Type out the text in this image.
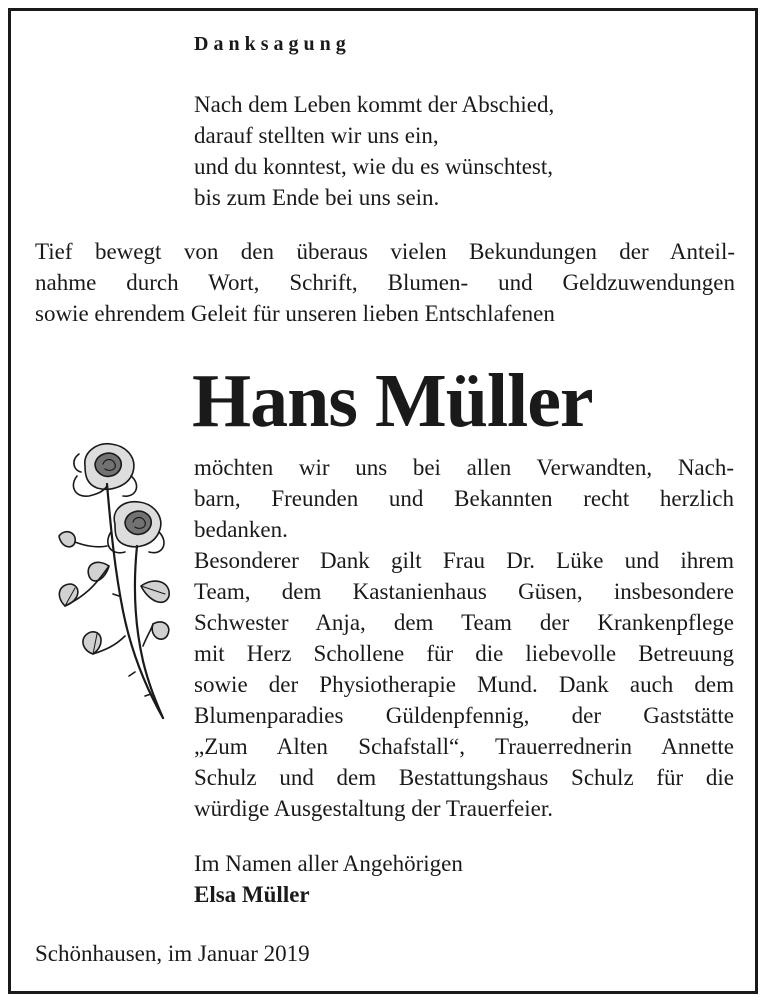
Danksagung
Nach dem Leben kommt der Abschied,
darauf stellten wir uns ein,
und du konntest, wie du es wünschtest,
bis zum Ende bei uns sein.
Tief bewegt von den überaus vielen Bekundungen der Anteil-
nahme durch Wort, Schrift, Blumen- und Geldzuwendungen
sowie ehrendem Geleit für unseren lieben Entschlafenen
Hans Müller
möchten wir uns bei allen Verwandten, Nach-
barn, Freunden und Bekannten recht herzlich
bedanken.
Besonderer Dank gilt Frau Dr. Lüke und ihrem
Team, dem Kastanienhaus Güsen, insbesondere
Schwester Anja, dem Team der Krankenpflege
mit Herz Schollene für die liebevolle Betreuung
sowie der Physiotherapie Mund. Dank auch dem
Blumenparadies Güldenpfennig, der Gaststätte
„Zum Alten Schafstall“, Trauerrednerin Annette
Schulz und dem Bestattungshaus Schulz für die
würdige Ausgestaltung der Trauerfeier.
Im Namen aller Angehörigen
Elsa Müller
Schönhausen, im Januar 2019
